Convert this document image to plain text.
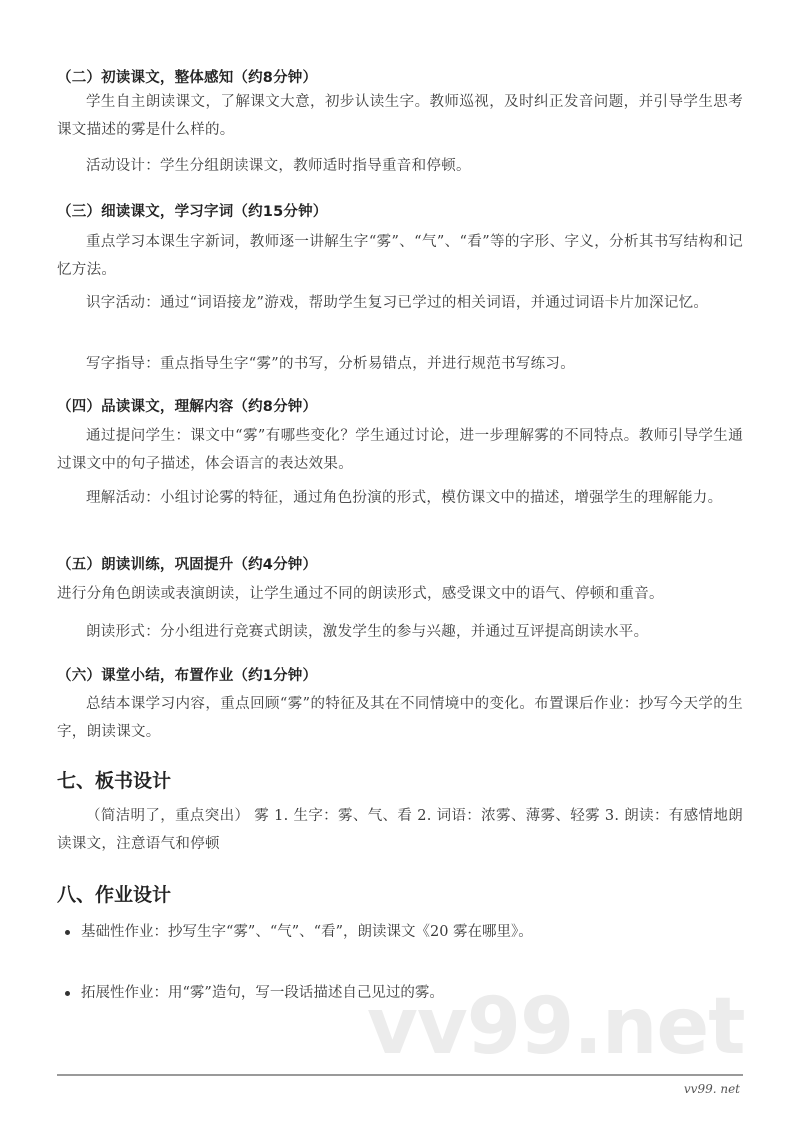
（二）初读课文，整体感知（约8分钟）
学生自主朗读课文，了解课文大意，初步认读生字。教师巡视，及时纠正发音问题，并引导学生思考课文描述的雾是什么样的。
活动设计：学生分组朗读课文，教师适时指导重音和停顿。
（三）细读课文，学习字词（约15分钟）
重点学习本课生字新词，教师逐一讲解生字“雾”、“气”、“看”等的字形、字义，分析其书写结构和记忆方法。
识字活动：通过“词语接龙”游戏，帮助学生复习已学过的相关词语，并通过词语卡片加深记忆。
写字指导：重点指导生字“雾”的书写，分析易错点，并进行规范书写练习。
（四）品读课文，理解内容（约8分钟）
通过提问学生：课文中“雾”有哪些变化？学生通过讨论，进一步理解雾的不同特点。教师引导学生通过课文中的句子描述，体会语言的表达效果。
理解活动：小组讨论雾的特征，通过角色扮演的形式，模仿课文中的描述，增强学生的理解能力。
（五）朗读训练，巩固提升（约4分钟）
进行分角色朗读或表演朗读，让学生通过不同的朗读形式，感受课文中的语气、停顿和重音。
朗读形式：分小组进行竞赛式朗读，激发学生的参与兴趣，并通过互评提高朗读水平。
（六）课堂小结，布置作业（约1分钟）
总结本课学习内容，重点回顾“雾”的特征及其在不同情境中的变化。布置课后作业：抄写今天学的生字，朗读课文。
七、板书设计
（简洁明了，重点突出） 雾 1. 生字：雾、气、看 2. 词语：浓雾、薄雾、轻雾 3. 朗读：有感情地朗读课文，注意语气和停顿
八、作业设计
基础性作业：抄写生字“雾”、“气”、“看”，朗读课文《20 雾在哪里》。
拓展性作业：用“雾”造句，写一段话描述自己见过的雾。
vv99.net
vv99. net
